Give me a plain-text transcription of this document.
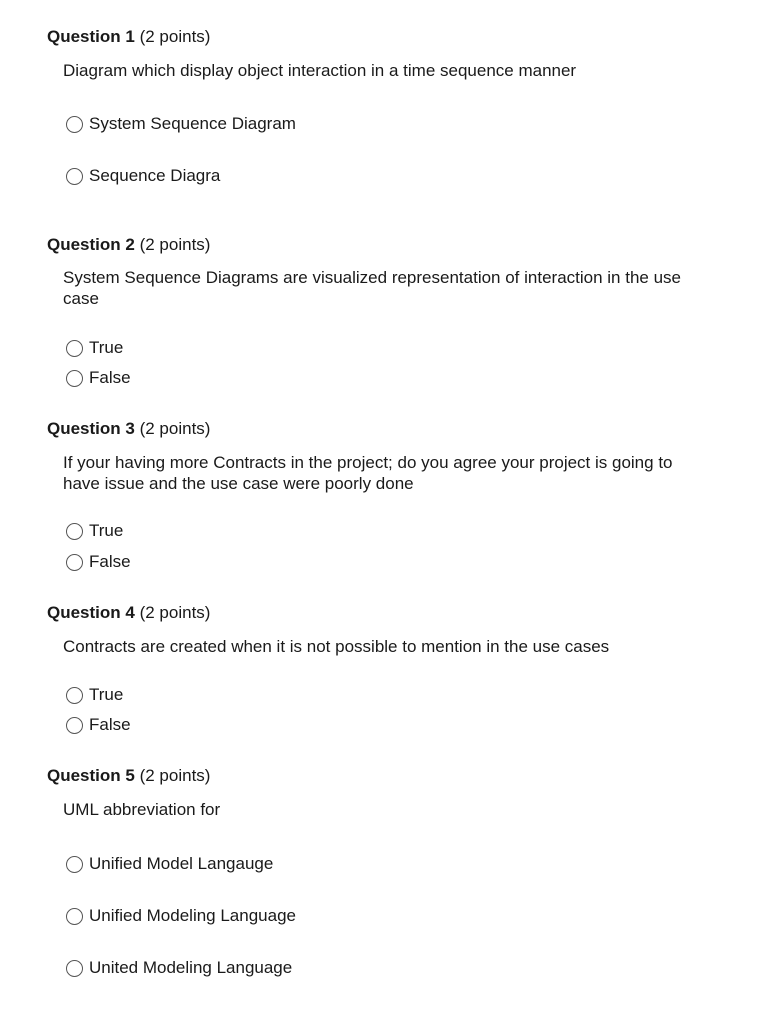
Question 1 (2 points)
Diagram which display object interaction in a time sequence manner
System Sequence Diagram
Sequence Diagra
Question 2 (2 points)
System Sequence Diagrams are visualized representation of interaction in the use case
True
False
Question 3 (2 points)
If your having more Contracts in the project; do you agree your project is going to have issue and the use case were poorly done
True
False
Question 4 (2 points)
Contracts are created when it is not possible to mention in the use cases
True
False
Question 5 (2 points)
UML abbreviation for
Unified Model Langauge
Unified Modeling Language
United Modeling Language
